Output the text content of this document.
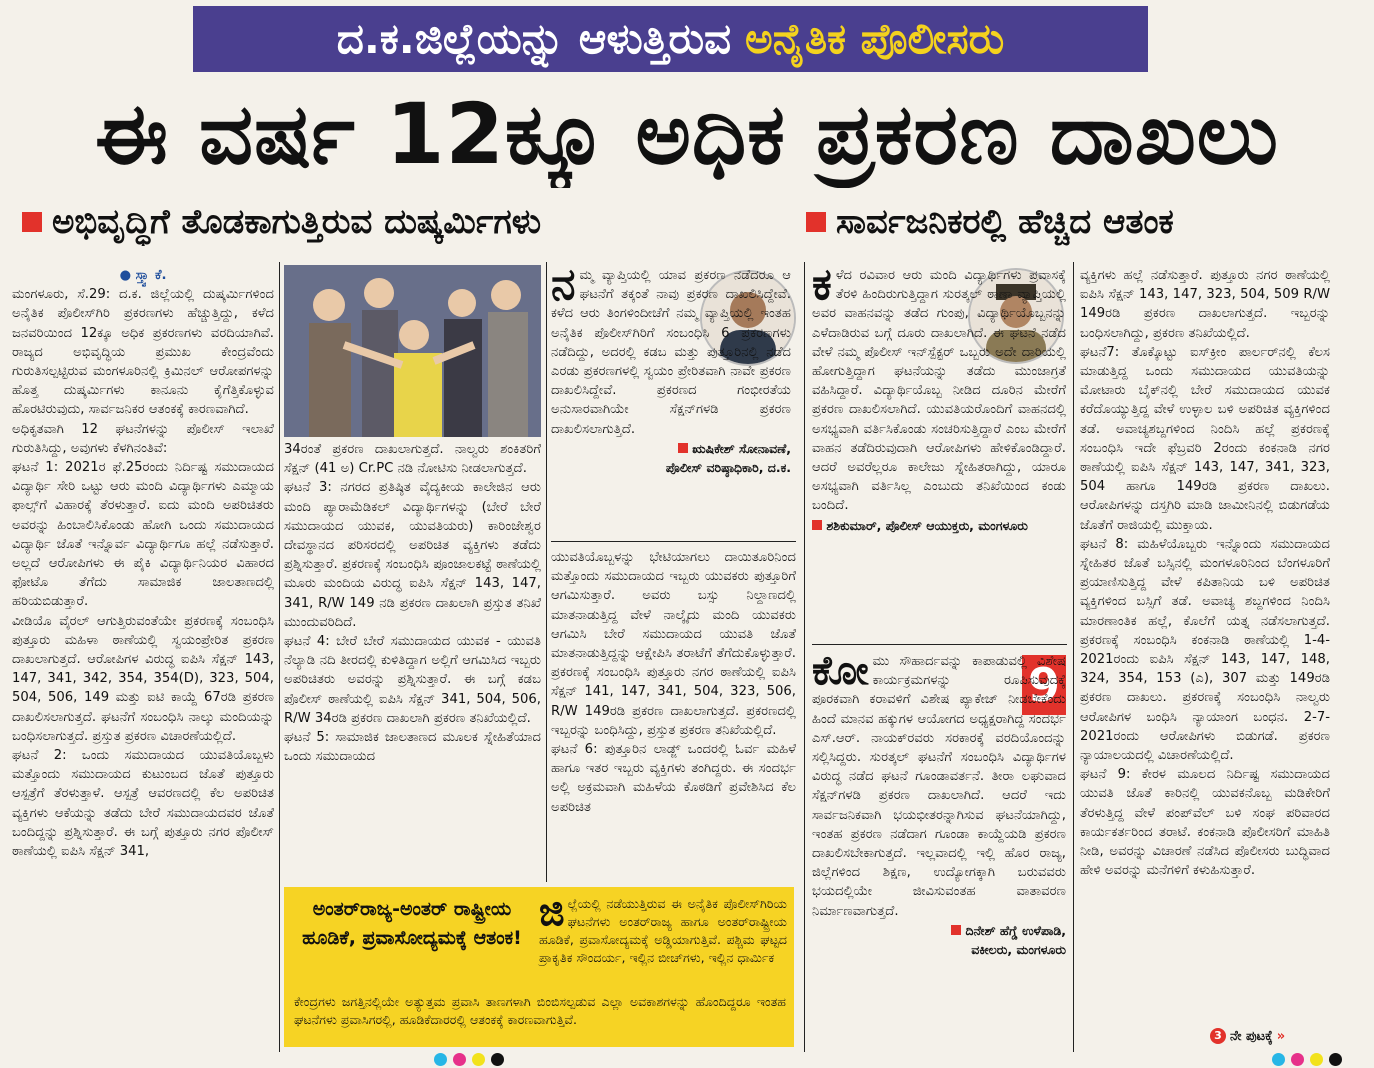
ದ.ಕ.ಜಿಲ್ಲೆಯನ್ನು ಆಳುತ್ತಿರುವ ಅನೈತಿಕ ಪೊಲೀಸರು
ಈ ವರ್ಷ 12ಕ್ಕೂ ಅಧಿಕ ಪ್ರಕರಣ ದಾಖಲು
ಅಭಿವೃದ್ಧಿಗೆ ತೊಡಕಾಗುತ್ತಿರುವ ದುಷ್ಕರ್ಮಿಗಳು	ಸಾರ್ವಜನಿಕರಲ್ಲಿ ಹೆಚ್ಚಿದ ಆತಂಕ

● ಸ್ತ್ವಾ ಕೆ.

ಮಂಗಳೂರು, ಸೆ.29: ದ.ಕ. ಜಿಲ್ಲೆಯಲ್ಲಿ ದುಷ್ಕರ್ಮಿಗಳಿಂದ ಅನೈತಿಕ ಪೊಲೀಸ್‌ಗಿರಿ ಪ್ರಕರಣಗಳು ಹೆಚ್ಚುತ್ತಿದ್ದು, ಕಳೆದ ಜನವರಿಯಿಂದ 12ಕ್ಕೂ ಅಧಿಕ ಪ್ರಕರಣಗಳು ವರದಿಯಾಗಿವೆ. ರಾಜ್ಯದ ಅಭಿವೃದ್ಧಿಯ ಪ್ರಮುಖ ಕೇಂದ್ರವೆಂದು ಗುರುತಿಸಲ್ಪಟ್ಟಿರುವ ಮಂಗಳೂರಿನಲ್ಲಿ ಕ್ರಿಮಿನಲ್ ಆರೋಪಗಳನ್ನು ಹೊತ್ತ ದುಷ್ಕರ್ಮಿಗಳು ಕಾನೂನು ಕೈಗೆತ್ತಿಕೊಳ್ಳುವ ಹೊರಟಿರುವುದು, ಸಾರ್ವಜನಿಕರ ಆತಂಕಕ್ಕೆ ಕಾರಣವಾಗಿದೆ.

ಅಧಿಕೃತವಾಗಿ 12 ಘಟನೆಗಳನ್ನು ಪೊಲೀಸ್ ಇಲಾಖೆ ಗುರುತಿಸಿದ್ದು, ಅವುಗಳು ಕೆಳಗಿನಂತಿವೆ:

ಘಟನೆ 1: 2021ರ ಫೆ.25ರಂದು ನಿರ್ದಿಷ್ಟ ಸಮುದಾಯದ ವಿದ್ಯಾರ್ಥಿ ಸೇರಿ ಒಟ್ಟು ಆರು ಮಂದಿ ವಿದ್ಯಾರ್ಥಿಗಳು ಎಮ್ಮಾಯ ಫಾಲ್ಸ್‌ಗೆ ವಿಹಾರಕ್ಕೆ ತೆರಳುತ್ತಾರೆ. ಐದು ಮಂದಿ ಅಪರಿಚಿತರು ಅವರನ್ನು ಹಿಂಬಾಲಿಸಿಕೊಂಡು ಹೋಗಿ ಒಂದು ಸಮುದಾಯದ ವಿದ್ಯಾರ್ಥಿ ಜೊತೆ ಇನ್ನೊರ್ವ ವಿದ್ಯಾರ್ಥಿಗೂ ಹಲ್ಲೆ ನಡೆಸುತ್ತಾರೆ. ಅಲ್ಲದೆ ಆರೋಪಿಗಳು ಈ ಪೈಕಿ ವಿದ್ಯಾರ್ಥಿನಿಯರ ವಿಹಾರದ ಫೋಟೊ ತೆಗೆದು ಸಾಮಾಜಿಕ ಜಾಲತಾಣದಲ್ಲಿ ಹರಿಯಬಿಡುತ್ತಾರೆ.

ವೀಡಿಯೊ ವೈರಲ್ ಆಗುತ್ತಿರುವಂತೆಯೇ ಪ್ರಕರಣಕ್ಕೆ ಸಂಬಂಧಿಸಿ ಪುತ್ತೂರು ಮಹಿಳಾ ಠಾಣೆಯಲ್ಲಿ ಸ್ವಯಂಪ್ರೇರಿತ ಪ್ರಕರಣ ದಾಖಲಾಗುತ್ತದೆ. ಆರೋಪಿಗಳ ವಿರುದ್ಧ ಐಪಿಸಿ ಸೆಕ್ಷನ್ 143, 147, 341, 342, 354, 354(D), 323, 504, 504, 506, 149 ಮತ್ತು ಐಟಿ ಕಾಯ್ದೆ 67ರಡಿ ಪ್ರಕರಣ ದಾಖಲಿಸಲಾಗುತ್ತದೆ. ಘಟನೆಗೆ ಸಂಬಂಧಿಸಿ ನಾಲ್ಕು ಮಂದಿಯನ್ನು ಬಂಧಿಸಲಾಗುತ್ತದೆ. ಪ್ರಸ್ತುತ ಪ್ರಕರಣ ವಿಚಾರಣೆಯಲ್ಲಿದೆ.

ಘಟನೆ 2: ಒಂದು ಸಮುದಾಯದ ಯುವತಿಯೊಬ್ಬಳು ಮತ್ತೊಂದು ಸಮುದಾಯದ ಕುಟುಂಬದ ಜೊತೆ ಪುತ್ತೂರು ಆಸ್ಪತ್ರೆಗೆ ತೆರಳುತ್ತಾಳೆ. ಆಸ್ಪತ್ರೆ ಆವರಣದಲ್ಲಿ ಕೆಲ ಅಪರಿಚಿತ ವ್ಯಕ್ತಿಗಳು ಆಕೆಯನ್ನು ತಡೆದು ಬೇರೆ ಸಮುದಾಯದವರ ಜೊತೆ ಬಂದಿದ್ದನ್ನು ಪ್ರಶ್ನಿಸುತ್ತಾರೆ. ಈ ಬಗ್ಗೆ ಪುತ್ತೂರು ನಗರ ಪೊಲೀಸ್ ಠಾಣೆಯಲ್ಲಿ ಐಪಿಸಿ ಸೆಕ್ಷನ್ 341,

34ರಂತೆ ಪ್ರಕರಣ ದಾಖಲಾಗುತ್ತದೆ. ನಾಲ್ವರು ಶಂಕಿತರಿಗೆ ಸೆಕ್ಷನ್ (41 ಅ) Cr.PC ನಡಿ ನೋಟಿಸು ನೀಡಲಾಗುತ್ತದೆ.

ಘಟನೆ 3: ನಗರದ ಪ್ರತಿಷ್ಠಿತ ವೈದ್ಯಕೀಯ ಕಾಲೇಜಿನ ಆರು ಮಂದಿ ಪ್ಯಾರಾಮೆಡಿಕಲ್ ವಿದ್ಯಾರ್ಥಿಗಳನ್ನು (ಬೇರೆ ಬೇರೆ ಸಮುದಾಯದ ಯುವಕ, ಯುವತಿಯರು) ಕಾರಿಂಜೇಶ್ವರ ದೇವಸ್ಥಾನದ ಪರಿಸರದಲ್ಲಿ ಅಪರಿಚಿತ ವ್ಯಕ್ತಿಗಳು ತಡೆದು ಪ್ರಶ್ನಿಸುತ್ತಾರೆ. ಪ್ರಕರಣಕ್ಕೆ ಸಂಬಂಧಿಸಿ ಪೂಂಜಾಲಕಟ್ಟೆ ಠಾಣೆಯಲ್ಲಿ ಮೂರು ಮಂದಿಯ ವಿರುದ್ಧ ಐಪಿಸಿ ಸೆಕ್ಷನ್ 143, 147, 341, R/W 149 ನಡಿ ಪ್ರಕರಣ ದಾಖಲಾಗಿ ಪ್ರಸ್ತುತ ತನಿಖೆ ಮುಂದುವರಿದಿದೆ.

ಘಟನೆ 4: ಬೇರೆ ಬೇರೆ ಸಮುದಾಯದ ಯುವಕ - ಯುವತಿ ನೆಲ್ಯಾಡಿ ನದಿ ತೀರದಲ್ಲಿ ಕುಳಿತಿದ್ದಾಗ ಅಲ್ಲಿಗೆ ಆಗಮಿಸಿದ ಇಬ್ಬರು ಅಪರಿಚಿತರು ಅವರನ್ನು ಪ್ರಶ್ನಿಸುತ್ತಾರೆ. ಈ ಬಗ್ಗೆ ಕಡಬ ಪೊಲೀಸ್ ಠಾಣೆಯಲ್ಲಿ ಐಪಿಸಿ ಸೆಕ್ಷನ್ 341, 504, 506, R/W 34ರಡಿ ಪ್ರಕರಣ ದಾಖಲಾಗಿ ಪ್ರಕರಣ ತನಿಖೆಯಲ್ಲಿದೆ.

ಘಟನೆ 5: ಸಾಮಾಜಿಕ ಜಾಲತಾಣದ ಮೂಲಕ ಸ್ನೇಹಿತೆಯಾದ ಒಂದು ಸಮುದಾಯದ

ನಮ್ಮ ವ್ಯಾಪ್ತಿಯಲ್ಲಿ ಯಾವ ಪ್ರಕರಣ ನಡೆದರೂ ಆ ಘಟನೆಗೆ ತಕ್ಕಂತೆ ನಾವು ಪ್ರಕರಣ ದಾಖಲಿಸಿದ್ದೇವೆ. ಕಳೆದ ಆರು ತಿಂಗಳಿಂದೀಚೆಗೆ ನಮ್ಮ ವ್ಯಾಪ್ತಿಯಲ್ಲಿ ಇಂತಹ ಅನೈತಿಕ ಪೊಲೀಸ್‌ಗಿರಿಗೆ ಸಂಬಂಧಿಸಿ 6 ಪ್ರಕರಣಗಳು ನಡೆದಿದ್ದು, ಅದರಲ್ಲಿ ಕಡಬ ಮತ್ತು ಪುತ್ತೂರಿನಲ್ಲಿ ನಡೆದ ಎರಡು ಪ್ರಕರಣಗಳಲ್ಲಿ ಸ್ವಯಂ ಪ್ರೇರಿತವಾಗಿ ನಾವೇ ಪ್ರಕರಣ ದಾಖಲಿಸಿದ್ದೇವೆ. ಪ್ರಕರಣದ ಗಂಭೀರತೆಯ ಅನುಸಾರವಾಗಿಯೇ ಸೆಕ್ಷನ್‌ಗಳಡಿ ಪ್ರಕರಣ ದಾಖಲಿಸಲಾಗುತ್ತಿದೆ.

ಋಷಿಕೇಶ್ ಸೋನಾವಣೆ,

ಪೊಲೀಸ್ ವರಿಷ್ಠಾಧಿಕಾರಿ, ದ.ಕ.

ಯುವತಿಯೊಬ್ಬಳನ್ನು ಭೇಟಿಯಾಗಲು ದಾಯಿತೂರಿನಿಂದ ಮತ್ತೊಂದು ಸಮುದಾಯದ ಇಬ್ಬರು ಯುವಕರು ಪುತ್ತೂರಿಗೆ ಆಗಮಿಸುತ್ತಾರೆ. ಅವರು ಬಸ್ಸು ನಿಲ್ದಾಣದಲ್ಲಿ ಮಾತನಾಡುತ್ತಿದ್ದ ವೇಳೆ ನಾಲ್ಕೈದು ಮಂದಿ ಯುವಕರು ಆಗಮಿಸಿ ಬೇರೆ ಸಮುದಾಯದ ಯುವತಿ ಜೊತೆ ಮಾತನಾಡುತ್ತಿದ್ದನ್ನು ಆಕ್ಷೇಪಿಸಿ ತರಾಟೆಗೆ ತೆಗೆದುಕೊಳ್ಳುತ್ತಾರೆ. ಪ್ರಕರಣಕ್ಕೆ ಸಂಬಂಧಿಸಿ ಪುತ್ತೂರು ನಗರ ಠಾಣೆಯಲ್ಲಿ ಐಪಿಸಿ ಸೆಕ್ಷನ್ 141, 147, 341, 504, 323, 506, R/W 149ರಡಿ ಪ್ರಕರಣ ದಾಖಲಾಗುತ್ತದೆ. ಪ್ರಕರಣದಲ್ಲಿ ಇಬ್ಬರನ್ನು ಬಂಧಿಸಿದ್ದು, ಪ್ರಸ್ತುತ ಪ್ರಕರಣ ತನಿಖೆಯಲ್ಲಿದೆ.

ಘಟನೆ 6: ಪುತ್ತೂರಿನ ಲಾಡ್ಜ್ ಒಂದರಲ್ಲಿ ಓರ್ವ ಮಹಿಳೆ ಹಾಗೂ ಇತರ ಇಬ್ಬರು ವ್ಯಕ್ತಿಗಳು ತಂಗಿದ್ದರು. ಈ ಸಂದರ್ಭ ಅಲ್ಲಿ ಅಕ್ರಮವಾಗಿ ಮಹಿಳೆಯ ಕೊಠಡಿಗೆ ಪ್ರವೇಶಿಸಿದ ಕೆಲ ಅಪರಿಚಿತ

ಕಳೆದ ರವಿವಾರ ಆರು ಮಂದಿ ವಿದ್ಯಾರ್ಥಿಗಳು ಪ್ರವಾಸಕ್ಕೆ ತೆರಳಿ ಹಿಂದಿರುಗುತ್ತಿದ್ದಾಗ ಸುರತ್ಕಲ್ ಠಾಣಾ ವ್ಯಾಪ್ತಿಯಲ್ಲಿ ಅವರ ವಾಹನವನ್ನು ತಡೆದ ಗುಂಪು, ವಿದ್ಯಾರ್ಥಿಯೊಬ್ಬನನ್ನು ಎಳೆದಾಡಿರುವ ಬಗ್ಗೆ ದೂರು ದಾಖಲಾಗಿದೆ. ಈ ಘಟನೆ ನಡೆದ ವೇಳೆ ನಮ್ಮ ಪೊಲೀಸ್ ಇನ್‌ಸ್ಪೆಕ್ಟರ್ ಒಬ್ಬರು ಅದೇ ದಾರಿಯಲ್ಲಿ ಹೋಗುತ್ತಿದ್ದಾಗ ಘಟನೆಯನ್ನು ತಡೆದು ಮುಂಜಾಗ್ರತೆ ವಹಿಸಿದ್ದಾರೆ. ವಿದ್ಯಾರ್ಥಿಯೊಬ್ಬ ನೀಡಿದ ದೂರಿನ ಮೇರೆಗೆ ಪ್ರಕರಣ ದಾಖಲಿಸಲಾಗಿದೆ. ಯುವತಿಯರೊಂದಿಗೆ ವಾಹನದಲ್ಲಿ ಅಸಭ್ಯವಾಗಿ ವರ್ತಿಸಿಕೊಂಡು ಸಂಚರಿಸುತ್ತಿದ್ದಾರೆ ಎಂಬ ಮೇರೆಗೆ ವಾಹನ ತಡೆದಿರುವುದಾಗಿ ಆರೋಪಿಗಳು ಹೇಳಿಕೊಂಡಿದ್ದಾರೆ. ಆದರೆ ಅವರೆಲ್ಲರೂ ಕಾಲೇಜು ಸ್ನೇಹಿತರಾಗಿದ್ದು, ಯಾರೂ ಅಸಭ್ಯವಾಗಿ ವರ್ತಿಸಿಲ್ಲ ಎಂಬುದು ತನಿಖೆಯಿಂದ ಕಂಡು ಬಂದಿದೆ.

ಶಶಿಕುಮಾರ್, ಪೊಲೀಸ್ ಆಯುಕ್ತರು, ಮಂಗಳೂರು

9

ಕೋಮು ಸೌಹಾರ್ದವನ್ನು ಕಾಪಾಡುವಲ್ಲಿ ವಿಶೇಷ ಕಾರ್ಯಕ್ರಮಗಳನ್ನು ರೂಪಿಸುವುದಕ್ಕೆ ಪೂರಕವಾಗಿ ಕರಾವಳಿಗೆ ವಿಶೇಷ ಪ್ಯಾಕೇಜ್ ನೀಡಬೇಕೆಂದು ಹಿಂದೆ ಮಾನವ ಹಕ್ಕುಗಳ ಆಯೋಗದ ಅಧ್ಯಕ್ಷರಾಗಿದ್ದ ಸಂದರ್ಭ ಎಸ್.ಆರ್. ನಾಯಕ್‌ರವರು ಸರಕಾರಕ್ಕೆ ವರದಿಯೊಂದನ್ನು ಸಲ್ಲಿಸಿದ್ದರು. ಸುರತ್ಕಲ್ ಘಟನೆಗೆ ಸಂಬಂಧಿಸಿ ವಿದ್ಯಾರ್ಥಿಗಳ ವಿರುದ್ಧ ನಡೆದ ಘಟನೆ ಗೂಂಡಾವರ್ತನೆ. ತೀರಾ ಲಘುವಾದ ಸೆಕ್ಷನ್‌ಗಳಡಿ ಪ್ರಕರಣ ದಾಖಲಾಗಿದೆ. ಆದರೆ ಇದು ಸಾರ್ವಜನಿಕವಾಗಿ ಭಯಭೀತರನ್ನಾಗಿಸುವ ಘಟನೆಯಾಗಿದ್ದು, ಇಂತಹ ಪ್ರಕರಣ ನಡೆದಾಗ ಗೂಂಡಾ ಕಾಯ್ದೆಯಡಿ ಪ್ರಕರಣ ದಾಖಲಿಸಬೇಕಾಗುತ್ತದೆ. ಇಲ್ಲವಾದಲ್ಲಿ ಇಲ್ಲಿ ಹೊರ ರಾಜ್ಯ, ಜಿಲ್ಲೆಗಳಿಂದ ಶಿಕ್ಷಣ, ಉದ್ಯೋಗಕ್ಕಾಗಿ ಬರುವವರು ಭಯದಲ್ಲಿಯೇ ಜೀವಿಸುವಂತಹ ವಾತಾವರಣ ನಿರ್ಮಾಣವಾಗುತ್ತದೆ.

ದಿನೇಶ್ ಹೆಗ್ಡೆ ಉಳೆಪಾಡಿ,

ವಕೀಲರು, ಮಂಗಳೂರು

ವ್ಯಕ್ತಿಗಳು ಹಲ್ಲೆ ನಡೆಸುತ್ತಾರೆ. ಪುತ್ತೂರು ನಗರ ಠಾಣೆಯಲ್ಲಿ ಐಪಿಸಿ ಸೆಕ್ಷನ್ 143, 147, 323, 504, 509 R/W 149ರಡಿ ಪ್ರಕರಣ ದಾಖಲಾಗುತ್ತದೆ. ಇಬ್ಬರನ್ನು ಬಂಧಿಸಲಾಗಿದ್ದು, ಪ್ರಕರಣ ತನಿಖೆಯಲ್ಲಿದೆ.

ಘಟನೆ7: ತೊಕ್ಕೊಟ್ಟು ಐಸ್‌ಕ್ರೀಂ ಪಾರ್ಲರ್‌ನಲ್ಲಿ ಕೆಲಸ ಮಾಡುತ್ತಿದ್ದ ಒಂದು ಸಮುದಾಯದ ಯುವತಿಯನ್ನು ಮೋಟಾರು ಬೈಕ್‌ನಲ್ಲಿ ಬೇರೆ ಸಮುದಾಯದ ಯುವಕ ಕರೆದೊಯ್ಯುತ್ತಿದ್ದ ವೇಳೆ ಉಳ್ಳಾಲ ಬಳಿ ಅಪರಿಚಿತ ವ್ಯಕ್ತಿಗಳಿಂದ ತಡೆ. ಅವಾಚ್ಯಶಬ್ದಗಳಿಂದ ನಿಂದಿಸಿ ಹಲ್ಲೆ ಪ್ರಕರಣಕ್ಕೆ ಸಂಬಂಧಿಸಿ ಇದೇ ಫೆಬ್ರವರಿ 2ರಂದು ಕಂಕನಾಡಿ ನಗರ ಠಾಣೆಯಲ್ಲಿ ಐಪಿಸಿ ಸೆಕ್ಷನ್ 143, 147, 341, 323, 504 ಹಾಗೂ 149ರಡಿ ಪ್ರಕರಣ ದಾಖಲು. ಆರೋಪಿಗಳನ್ನು ದಸ್ತಗಿರಿ ಮಾಡಿ ಜಾಮೀನಿನಲ್ಲಿ ಬಿಡುಗಡೆಯ ಜೊತೆಗೆ ರಾಜಿಯಲ್ಲಿ ಮುಕ್ತಾಯ.

ಘಟನೆ 8: ಮಹಿಳೆಯೊಬ್ಬರು ಇನ್ನೊಂದು ಸಮುದಾಯದ ಸ್ನೇಹಿತರ ಜೊತೆ ಬಸ್ಸಿನಲ್ಲಿ ಮಂಗಳೂರಿನಿಂದ ಬೆಂಗಳೂರಿಗೆ ಪ್ರಯಾಣಿಸುತ್ತಿದ್ದ ವೇಳೆ ಕಪಿತಾನಿಯ ಬಳಿ ಅಪರಿಚಿತ ವ್ಯಕ್ತಿಗಳಿಂದ ಬಸ್ಸಿಗೆ ತಡೆ. ಅವಾಚ್ಯ ಶಬ್ದಗಳಿಂದ ನಿಂದಿಸಿ ಮಾರಣಾಂತಿಕ ಹಲ್ಲೆ, ಕೊಲೆಗೆ ಯತ್ನ ನಡೆಸಲಾಗುತ್ತದೆ. ಪ್ರಕರಣಕ್ಕೆ ಸಂಬಂಧಿಸಿ ಕಂಕನಾಡಿ ಠಾಣೆಯಲ್ಲಿ 1-4-2021ರಂದು ಐಪಿಸಿ ಸೆಕ್ಷನ್ 143, 147, 148, 324, 354, 153 (ಎ), 307 ಮತ್ತು 149ರಡಿ ಪ್ರಕರಣ ದಾಖಲು. ಪ್ರಕರಣಕ್ಕೆ ಸಂಬಂಧಿಸಿ ನಾಲ್ವರು ಆರೋಪಿಗಳ ಬಂಧಿಸಿ ನ್ಯಾಯಾಂಗ ಬಂಧನ. 2-7-2021ರಂದು ಆರೋಪಿಗಳು ಬಿಡುಗಡೆ. ಪ್ರಕರಣ ನ್ಯಾಯಾಲಯದಲ್ಲಿ ವಿಚಾರಣೆಯಲ್ಲಿದೆ.

ಘಟನೆ 9: ಕೇರಳ ಮೂಲದ ನಿರ್ದಿಷ್ಟ ಸಮುದಾಯದ ಯುವತಿ ಜೊತೆ ಕಾರಿನಲ್ಲಿ ಯುವಕನೊಬ್ಬ ಮಡಿಕೇರಿಗೆ ತೆರಳುತ್ತಿದ್ದ ವೇಳೆ ಪಂಪ್‌ವೆಲ್ ಬಳಿ ಸಂಘ ಪರಿವಾರದ ಕಾರ್ಯಕರ್ತರಿಂದ ತರಾಟೆ. ಕಂಕನಾಡಿ ಪೊಲೀಸರಿಗೆ ಮಾಹಿತಿ ನೀಡಿ, ಅವರನ್ನು ವಿಚಾರಣೆ ನಡೆಸಿದ ಪೊಲೀಸರು ಬುದ್ಧಿವಾದ ಹೇಳಿ ಅವರನ್ನು ಮನೆಗಳಿಗೆ ಕಳುಹಿಸುತ್ತಾರೆ.

3 ನೇ ಪುಟಕ್ಕೆ »
ಅಂತರ್‌ರಾಜ್ಯ-ಅಂತರ್ ರಾಷ್ಟ್ರೀಯ ಹೂಡಿಕೆ, ಪ್ರವಾಸೋದ್ಯಮಕ್ಕೆ ಆತಂಕ!
ಜಿಲ್ಲೆಯಲ್ಲಿ ನಡೆಯುತ್ತಿರುವ ಈ ಅನೈತಿಕ ಪೊಲೀಸ್‌ಗಿರಿಯ ಘಟನೆಗಳು ಅಂತರ್‌ರಾಜ್ಯ ಹಾಗೂ ಅಂತರ್‌ರಾಷ್ಟ್ರೀಯ ಹೂಡಿಕೆ, ಪ್ರವಾಸೋದ್ಯಮಕ್ಕೆ ಅಡ್ಡಿಯಾಗುತ್ತಿವೆ. ಪಶ್ಚಿಮ ಘಟ್ಟದ ಪ್ರಾಕೃತಿಕ ಸೌಂದರ್ಯ, ಇಲ್ಲಿನ ಬೀಚ್‌ಗಳು, ಇಲ್ಲಿನ ಧಾರ್ಮಿಕ
ಕೇಂದ್ರಗಳು ಜಗತ್ತಿನಲ್ಲಿಯೇ ಅತ್ಯುತ್ತಮ ಪ್ರವಾಸಿ ತಾಣಗಳಾಗಿ ಬಿಂಬಿಸಲ್ಪಡುವ ಎಲ್ಲಾ ಅವಕಾಶಗಳನ್ನು ಹೊಂದಿದ್ದರೂ ಇಂತಹ ಘಟನೆಗಳು ಪ್ರವಾಸಿಗರಲ್ಲಿ, ಹೂಡಿಕೆದಾರರಲ್ಲಿ ಆತಂಕಕ್ಕೆ ಕಾರಣವಾಗುತ್ತಿವೆ.
